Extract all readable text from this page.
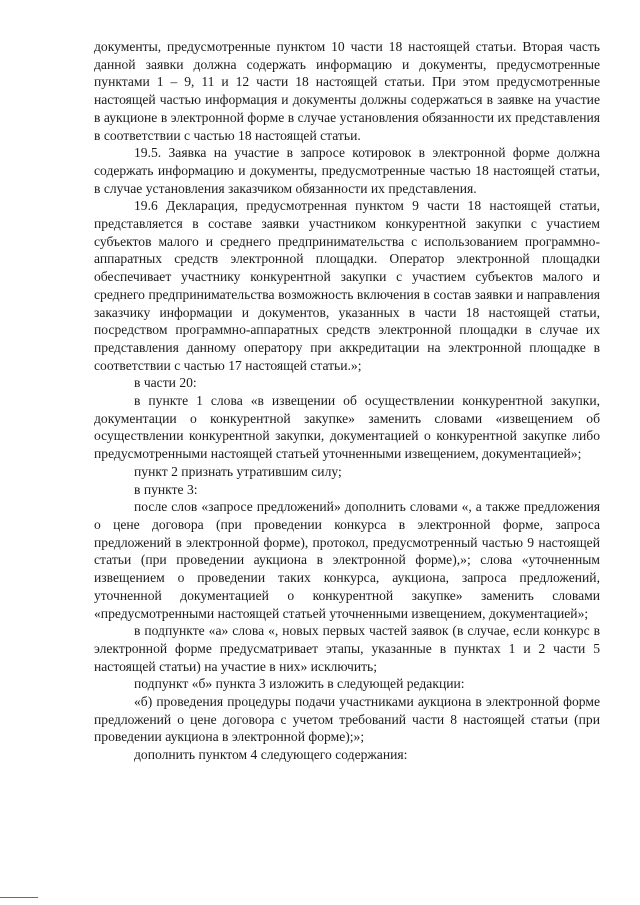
документы, предусмотренные пунктом 10 части 18 настоящей статьи. Вторая часть данной заявки должна содержать информацию и документы, предусмотренные пунктами 1 – 9, 11 и 12 части 18 настоящей статьи. При этом предусмотренные настоящей частью информация и документы должны содержаться в заявке на участие в аукционе в электронной форме в случае установления обязанности их представления в соответствии с частью 18 настоящей статьи.

19.5. Заявка на участие в запросе котировок в электронной форме должна содержать информацию и документы, предусмотренные частью 18 настоящей статьи, в случае установления заказчиком обязанности их представления.

19.6 Декларация, предусмотренная пунктом 9 части 18 настоящей статьи, представляется в составе заявки участником конкурентной закупки с участием субъектов малого и среднего предпринимательства с использованием программно-аппаратных средств электронной площадки. Оператор электронной площадки обеспечивает участнику конкурентной закупки с участием субъектов малого и среднего предпринимательства возможность включения в состав заявки и направления заказчику информации и документов, указанных в части 18 настоящей статьи, посредством программно-аппаратных средств электронной площадки в случае их представления данному оператору при аккредитации на электронной площадке в соответствии с частью 17 настоящей статьи.»;

в части 20:

в пункте 1 слова «в извещении об осуществлении конкурентной закупки, документации о конкурентной закупке» заменить словами «извещением об осуществлении конкурентной закупки, документацией о конкурентной закупке либо предусмотренными настоящей статьей уточненными извещением, документацией»;

пункт 2 признать утратившим силу;

в пункте 3:

после слов «запросе предложений» дополнить словами «, а также предложения о цене договора (при проведении конкурса в электронной форме, запроса предложений в электронной форме), протокол, предусмотренный частью 9 настоящей статьи (при проведении аукциона в электронной форме),»; слова «уточненным извещением о проведении таких конкурса, аукциона, запроса предложений, уточненной документацией о конкурентной закупке» заменить словами «предусмотренными настоящей статьей уточненными извещением, документацией»;

в подпункте «а» слова «, новых первых частей заявок (в случае, если конкурс в электронной форме предусматривает этапы, указанные в пунктах 1 и 2 части 5 настоящей статьи) на участие в них» исключить;

подпункт «б» пункта 3 изложить в следующей редакции:

«б) проведения процедуры подачи участниками аукциона в электронной форме предложений о цене договора с учетом требований части 8 настоящей статьи (при проведении аукциона в электронной форме);»;

дополнить пунктом 4 следующего содержания:
